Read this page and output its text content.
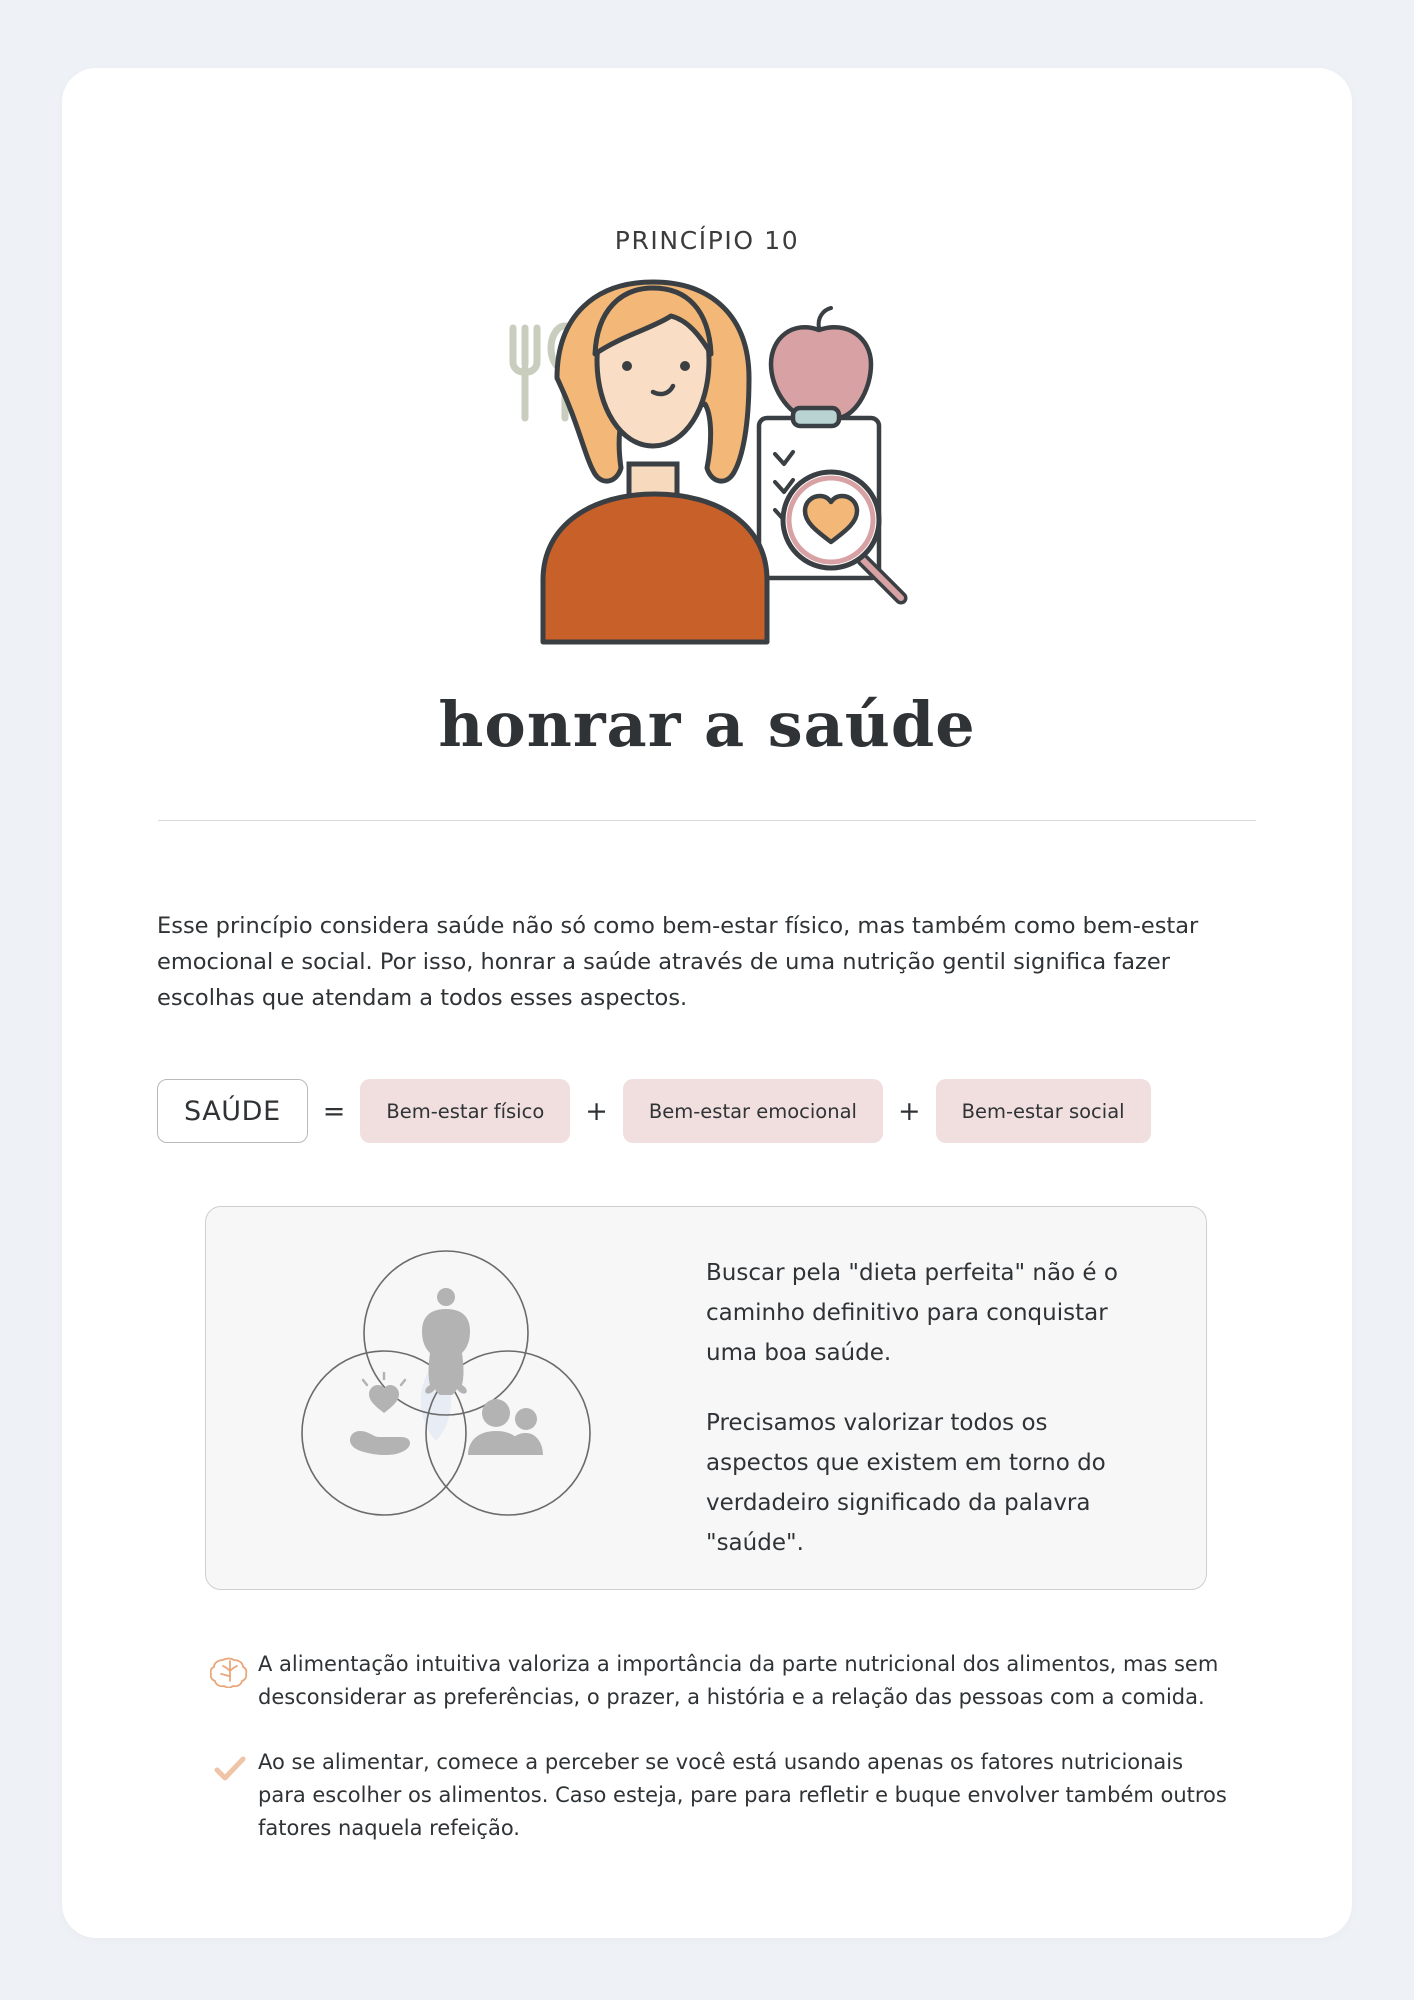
PRINCÍPIO 10
honrar a saúde
Esse princípio considera saúde não só como bem-estar físico, mas também como bem-estar emocional e social. Por isso, honrar a saúde através de uma nutrição gentil significa fazer escolhas que atendam a todos esses aspectos.
SAÚDE	=	Bem-estar físico	+	Bem-estar emocional	+	Bem-estar social

Buscar pela "dieta perfeita" não é o caminho definitivo para conquistar uma boa saúde.

Precisamos valorizar todos os aspectos que existem em torno do verdadeiro significado da palavra "saúde".

A alimentação intuitiva valoriza a importância da parte nutricional dos alimentos, mas sem desconsiderar as preferências, o prazer, a história e a relação das pessoas com a comida.
Ao se alimentar, comece a perceber se você está usando apenas os fatores nutricionais para escolher os alimentos. Caso esteja, pare para refletir e buque envolver também outros fatores naquela refeição.
